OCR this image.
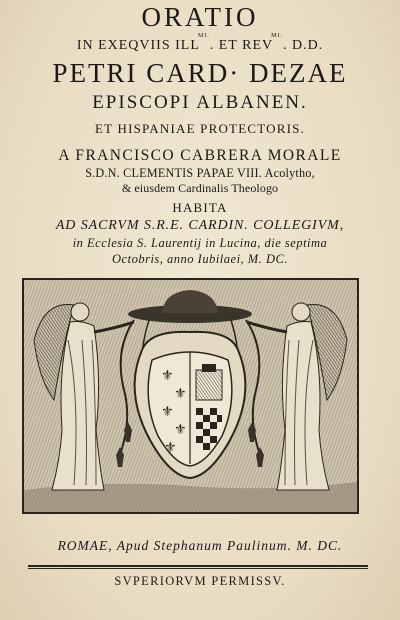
ORATIO
IN EXEQVIIS $ILL^{MI.}$. ET $REV^{MI.}$. D.D.
PETRI CARD· DEZAE
EPISCOPI ALBANEN.
ET HISPANIAE PROTECTORIS.
A FRANCISCO CABRERA MORALE
S.D.N. CLEMENTIS PAPAE VIII. Acolytho,
& eiusdem Cardinalis Theologo
HABITA
AD SACRVM S.R.E. CARDIN. COLLEGIVM,
in Ecclesia S. Laurentij in Lucina, die septima
Octobris, anno Iubilaei, M. DC.
⚜
⚜
⚜
⚜
⚜
ROMAE, Apud Stephanum Paulinum. M. DC.
SVPERIORVM PERMISSV.
